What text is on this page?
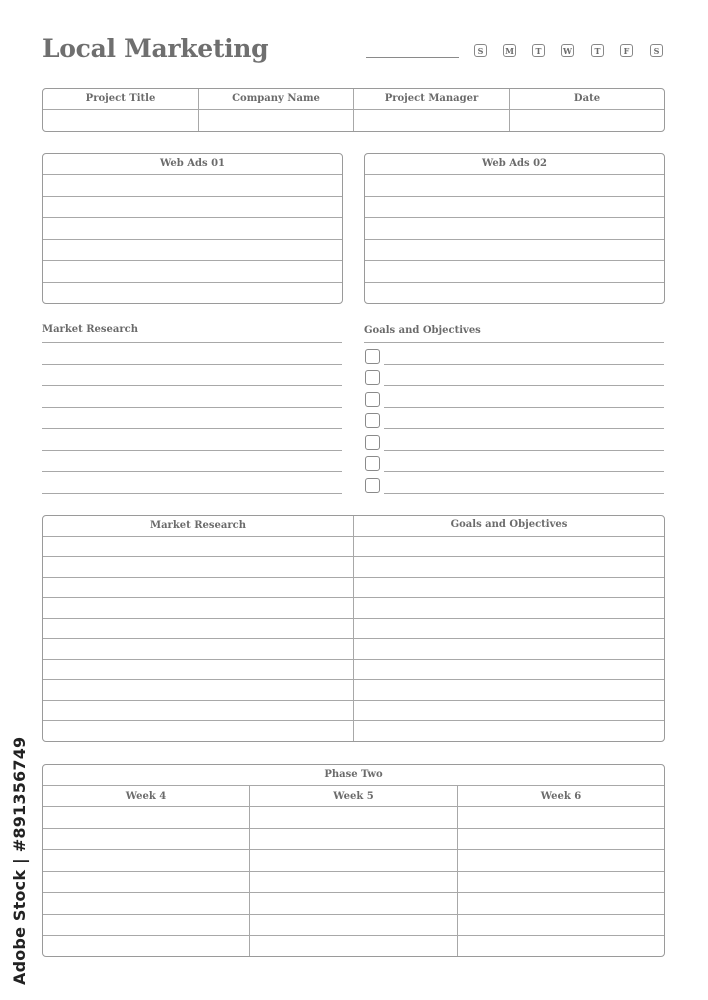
Local Marketing	S	M	T	W	T	F	S
Project Title	Company Name	Project Manager	Date
Web Ads 01	Web Ads 02
Market Research	Goals and Objectives
Market Research	Goals and Objectives
Phase Two
Week 4	Week 5	Week 6
Adobe Stock | #891356749
